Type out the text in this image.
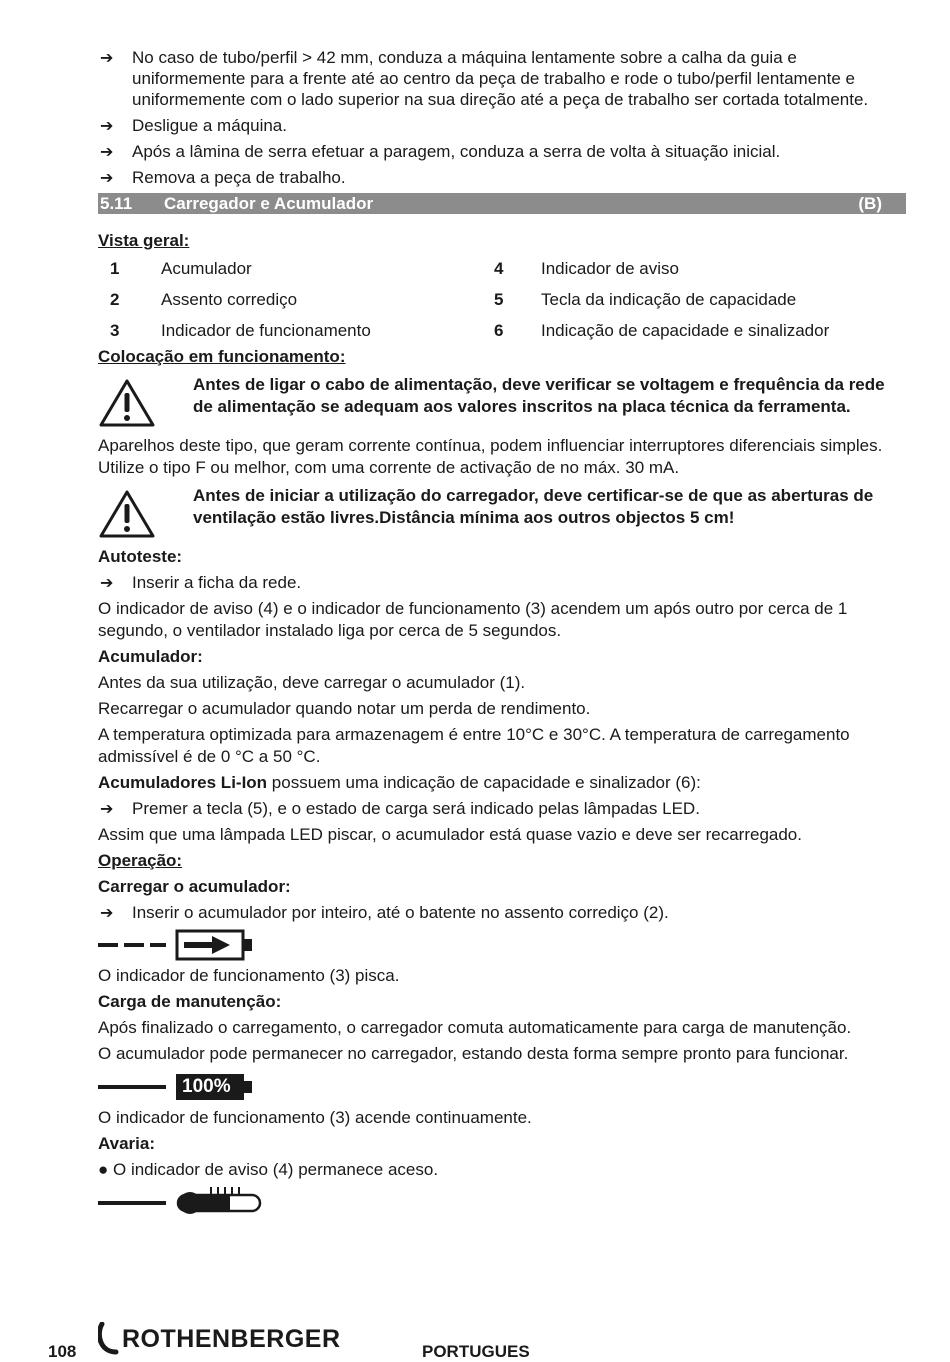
➔ No caso de tubo/perfil > 42 mm, conduza a máquina lentamente sobre a calha da guia e uniformemente para a frente até ao centro da peça de trabalho e rode o tubo/perfil lentamente e uniformemente com o lado superior na sua direção até a peça de trabalho ser cortada totalmente.
➔ Desligue a máquina.
➔ Após a lâmina de serra efetuar a paragem, conduza a serra de volta à situação inicial.
➔ Remova a peça de trabalho.
5.11 Carregador e Acumulador	(B)
Vista geral:
1	Acumulador	4	Indicador de aviso
2	Assento corrediço	5	Tecla da indicação de capacidade
3	Indicador de funcionamento	6	Indicação de capacidade e sinalizador
Colocação em funcionamento:
Antes de ligar o cabo de alimentação, deve verificar se voltagem e frequência da rede de alimentação se adequam aos valores inscritos na placa técnica da ferramenta.

Aparelhos deste tipo, que geram corrente contínua, podem influenciar interruptores diferenciais simples. Utilize o tipo F ou melhor, com uma corrente de activação de no máx. 30 mA.

Antes de iniciar a utilização do carregador, deve certificar-se de que as aberturas de ventilação estão livres.Distância mínima aos outros objectos 5 cm!
Autoteste:
➔ Inserir a ficha da rede.

O indicador de aviso (4) e o indicador de funcionamento (3) acendem um após outro por cerca de 1 segundo, o ventilador instalado liga por cerca de 5 segundos.

Acumulador:

Antes da sua utilização, deve carregar o acumulador (1).

Recarregar o acumulador quando notar um perda de rendimento.

A temperatura optimizada para armazenagem é entre 10°C e 30°C. A temperatura de carregamento admissível é de 0 °C a 50 °C.

Acumuladores Li-Ion possuem uma indicação de capacidade e sinalizador (6):

➔ Premer a tecla (5), e o estado de carga será indicado pelas lâmpadas LED.

Assim que uma lâmpada LED piscar, o acumulador está quase vazio e deve ser recarregado.

Operação:
Carregar o acumulador:
➔ Inserir o acumulador por inteiro, até o batente no assento corrediço (2).

O indicador de funcionamento (3) pisca.

Carga de manutenção:

Após finalizado o carregamento, o carregador comuta automaticamente para carga de manutenção.

O acumulador pode permanecer no carregador, estando desta forma sempre pronto para funcionar.

100%

O indicador de funcionamento (3) acende continuamente.

Avaria:

● O indicador de aviso (4) permanece aceso.

108 ROTHENBERGER	PORTUGUES
